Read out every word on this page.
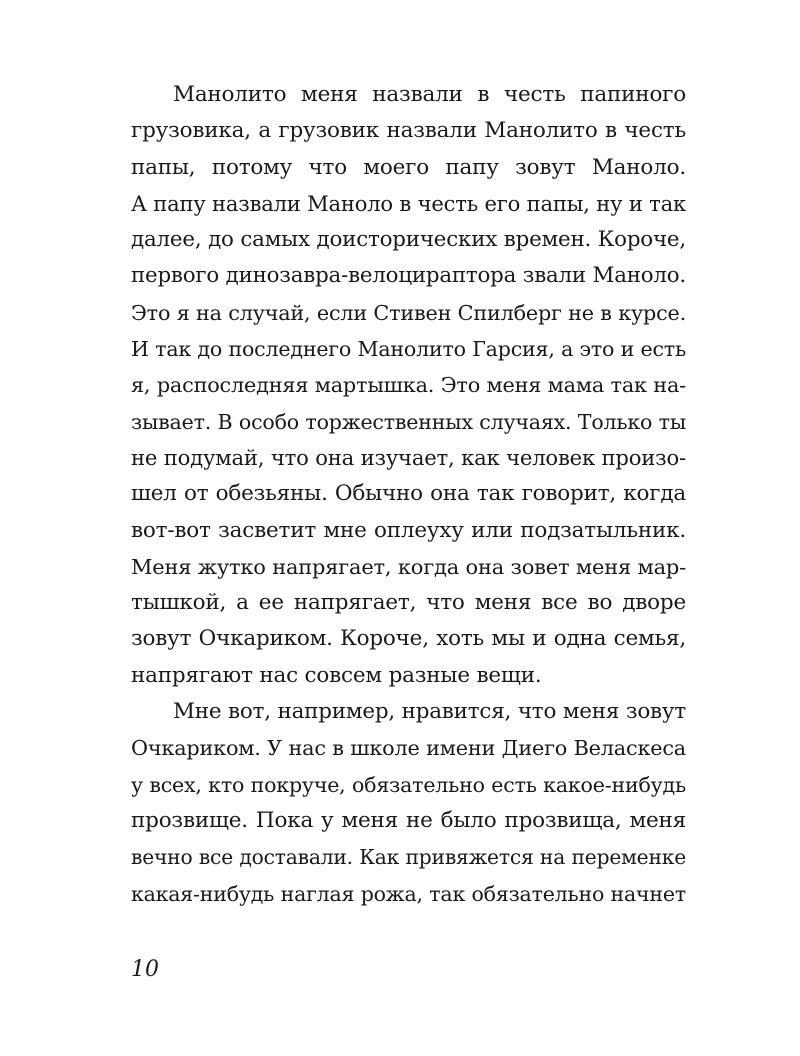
Манолито меня назвали в честь папиного
грузовика, а грузовик назвали Манолито в честь
папы, потому что моего папу зовут Маноло.
А папу назвали Маноло в честь его папы, ну и так
далее, до самых доисторических времен. Короче,
первого динозавра-велоцираптора звали Маноло.
Это я на случай, если Стивен Спилберг не в курсе.
И так до последнего Манолито Гарсия, а это и есть
я, распоследняя мартышка. Это меня мама так на-
зывает. В особо торжественных случаях. Только ты
не подумай, что она изучает, как человек произо-
шел от обезьяны. Обычно она так говорит, когда
вот-вот засветит мне оплеуху или подзатыльник.
Меня жутко напрягает, когда она зовет меня мар-
тышкой, а ее напрягает, что меня все во дворе
зовут Очкариком. Короче, хоть мы и одна семья,
напрягают нас совсем разные вещи.
Мне вот, например, нравится, что меня зовут
Очкариком. У нас в школе имени Диего Веласкеса
у всех, кто покруче, обязательно есть какое-нибудь
прозвище. Пока у меня не было прозвища, меня
вечно все доставали. Как привяжется на переменке
какая-нибудь наглая рожа, так обязательно начнет
10
